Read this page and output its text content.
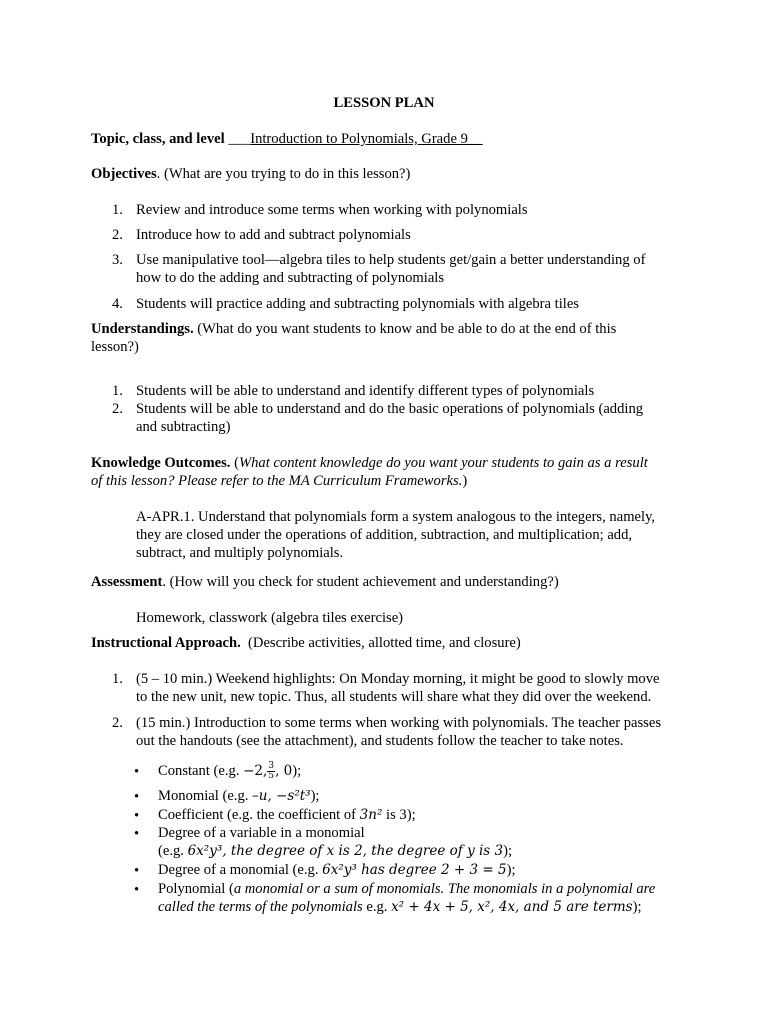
LESSON PLAN
Topic, class, and level ___Introduction to Polynomials, Grade 9__
Objectives. (What are you trying to do in this lesson?)
1. Review and introduce some terms when working with polynomials
2. Introduce how to add and subtract polynomials
3. Use manipulative tool—algebra tiles to help students get/gain a better understanding of
how to do the adding and subtracting of polynomials
4. Students will practice adding and subtracting polynomials with algebra tiles
Understandings. (What do you want students to know and be able to do at the end of this
lesson?)
1. Students will be able to understand and identify different types of polynomials
2. Students will be able to understand and do the basic operations of polynomials (adding
and subtracting)
Knowledge Outcomes. (What content knowledge do you want your students to gain as a result
of this lesson? Please refer to the MA Curriculum Frameworks.)
A-APR.1. Understand that polynomials form a system analogous to the integers, namely,
they are closed under the operations of addition, subtraction, and multiplication; add,
subtract, and multiply polynomials.
Assessment. (How will you check for student achievement and understanding?)
Homework, classwork (algebra tiles exercise)
Instructional Approach.  (Describe activities, allotted time, and closure)
1. (5 – 10 min.) Weekend highlights: On Monday morning, it might be good to slowly move
to the new unit, new topic. Thus, all students will share what they did over the weekend.
2. (15 min.) Introduction to some terms when working with polynomials. The teacher passes
out the handouts (see the attachment), and students follow the teacher to take notes.
• Constant (e.g. −2, $\frac{3}{5}$ , 0);
• Monomial (e.g. –u, −s²t³);
• Coefficient (e.g. the coefficient of 3n² is 3);
• Degree of a variable in a monomial
(e.g. 6x²y³, the degree of x is 2, the degree of y is 3);
• Degree of a monomial (e.g. 6x²y³ has degree 2 + 3 = 5);
• Polynomial (a monomial or a sum of monomials. The monomials in a polynomial are
called the terms of the polynomials e.g. x² + 4x + 5, x², 4x, and 5 are terms);
